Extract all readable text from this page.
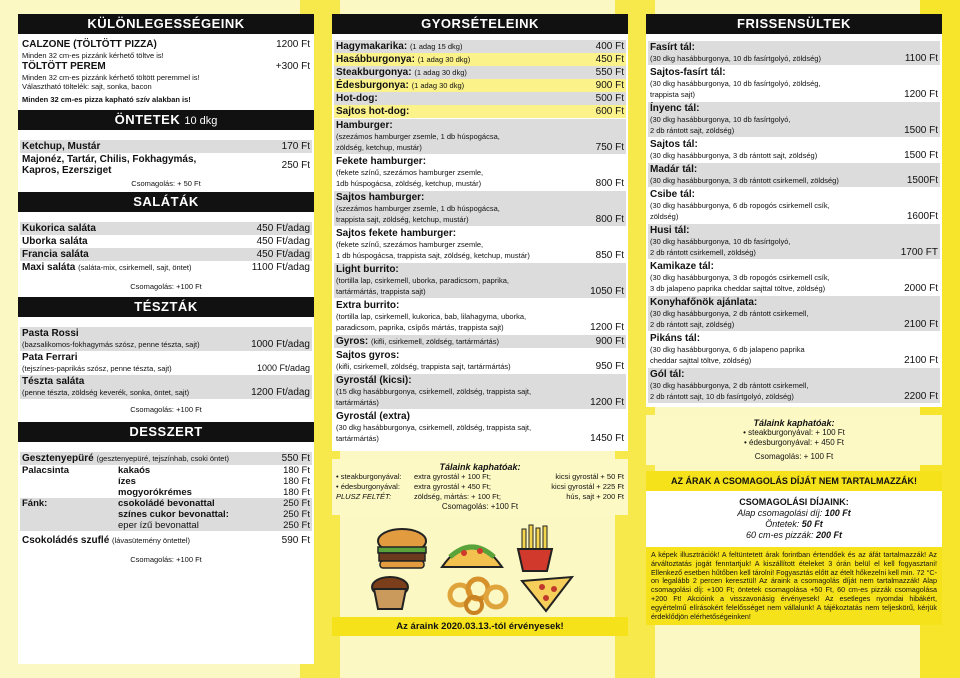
KÜLÖNLEGESSÉGEINK
CALZONE (TÖLTÖTT PIZZA)	1200 Ft
Minden 32 cm-es pizzánk kérhető töltve is!
TÖLTÖTT PEREM	+300 Ft
Minden 32 cm-es pizzánk kérhető töltött peremmel is!
Választható töltelék: sajt, sonka, bacon
Minden 32 cm-es pizza kapható szív alakban is!
ÖNTETEK 10 dkg
Ketchup, Mustár	170 Ft
Majonéz, Tartár, Chilis, Fokhagymás,
Kapros, Ezersziget	250 Ft
Csomagolás: + 50 Ft
SALÁTÁK
Kukorica saláta	450 Ft/adag
Uborka saláta	450 Ft/adag
Francia saláta	450 Ft/adag
Maxi saláta (saláta-mix, csirkemell, sajt, öntet)	1100 Ft/adag
Csomagolás: +100 Ft
TÉSZTÁK
Pasta Rossi
(bazsalikomos-fokhagymás szósz, penne tészta, sajt)	1000 Ft/adag
Pata Ferrari
(tejszínes-paprikás szósz, penne tészta, sajt)	1000 Ft/adag
Tészta saláta
(penne tészta, zöldség keverék, sonka, öntet, sajt)	1200 Ft/adag
Csomagolás: +100 Ft
DESSZERT
Gesztenyepüré (gesztenyepüré, tejszínhab, csoki öntet)	550 Ft
Palacsinta	kakaós	180 Ft
ízes	180 Ft
mogyorókrémes	180 Ft
Fánk:	csokoládé bevonattal	250 Ft
színes cukor bevonattal:	250 Ft
eper ízű bevonattal	250 Ft
Csokoládés szuflé (lávasütemény öntettel)	590 Ft
Csomagolás: +100 Ft
GYORSÉTELEINK
Hagymakarika: (1 adag 15 dkg)	400 Ft
Hasábburgonya: (1 adag 30 dkg)	450 Ft
Steakburgonya: (1 adag 30 dkg)	550 Ft
Édesburgonya: (1 adag 30 dkg)	900 Ft
Hot-dog:	500 Ft
Sajtos hot-dog:	600 Ft
Hamburger:
(szezámos hamburger zsemle, 1 db húspogácsa,
zöldség, ketchup, mustár)	750 Ft
Fekete hamburger:
(fekete színű, szezámos hamburger zsemle,
1db húspogácsa, zöldség, ketchup, mustár)	800 Ft
Sajtos hamburger:
(szezámos hamburger zsemle, 1 db húspogácsa,
trappista sajt, zöldség, ketchup, mustár)	800 Ft
Sajtos fekete hamburger:
(fekete színű, szezámos hamburger zsemle,
1 db húspogácsa, trappista sajt, zöldség, ketchup, mustár)	850 Ft
Light burrito:
(tortilla lap, csirkemell, uborka, paradicsom, paprika,
tartármártás, trappista sajt)	1050 Ft
Extra burrito:
(tortilla lap, csirkemell, kukorica, bab, lilahagyma, uborka,
paradicsom, paprika, csípős mártás, trappista sajt)	1200 Ft
Gyros: (kifli, csirkemell, zöldség, tartármártás)	900 Ft
Sajtos gyros:
(kifli, csirkemell, zöldség, trappista sajt, tartármártás)	950 Ft
Gyrostál (kicsi):
(15 dkg hasábburgonya, csirkemell, zöldség, trappista sajt,
tartármártás)	1200 Ft
Gyrostál (extra)
(30 dkg hasábburgonya, csirkemell, zöldség, trappista sajt,
tartármártás)	1450 Ft
Tálaink kaphatóak:
• steakburgonyával:	extra gyrostál + 100 Ft;	kicsi gyrostál + 50 Ft
• édesburgonyával:	extra gyrostál + 450 Ft;	kicsi gyrostál + 225 Ft
PLUSZ FELTÉT:	zöldség, mártás: + 100 Ft;	hús, sajt + 200 Ft
Csomagolás: +100 Ft
Az áraink 2020.03.13.-tól érvényesek!
FRISSENSÜLTEK
Fasírt tál:
(30 dkg hasábburgonya, 10 db fasírtgolyó, zöldség)	1100 Ft
Sajtos-fasírt tál:
(30 dkg hasábburgonya, 10 db fasírtgolyó, zöldség,
trappista sajt)	1200 Ft
Ínyenc tál:
(30 dkg hasábburgonya, 10 db fasírtgolyó,
2 db rántott sajt, zöldség)	1500 Ft
Sajtos tál:
(30 dkg hasábburgonya, 3 db rántott sajt, zöldség)	1500 Ft
Madár tál:
(30 dkg hasábburgonya, 3 db rántott csirkemell, zöldség)	1500Ft
Csibe tál:
(30 dkg hasábburgonya, 6 db ropogós csirkemell csík,
zöldség)	1600Ft
Husi tál:
(30 dkg hasábburgonya, 10 db fasírtgolyó,
2 db rántott csirkemell, zöldség)	1700 FT
Kamikaze tál:
(30 dkg hasábburgonya, 3 db ropogós csirkemell csík,
3 db jalapeno paprika cheddar sajttal töltve, zöldség)	2000 Ft
Konyhafőnök ajánlata:
(30 dkg hasábburgonya, 2 db rántott csirkemell,
2 db rántott sajt, zöldség)	2100 Ft
Pikáns tál:
(30 dkg hasábburgonya, 6 db jalapeno paprika
cheddar sajttal töltve, zöldség)	2100 Ft
Gól tál:
(30 dkg hasábburgonya, 2 db rántott csirkemell,
2 db rántott sajt, 10 db fasírtgolyó, zöldség)	2200 Ft
Tálaink kaphatóak:
• steakburgonyával: + 100 Ft
• édesburgonyával: + 450 Ft
Csomagolás: + 100 Ft
AZ ÁRAK A CSOMAGOLÁS DÍJÁT NEM TARTALMAZZÁK!
CSOMAGOLÁSI DÍJAINK:
Alap csomagolási díj: 100 Ft
Öntetek: 50 Ft
60 cm-es pizzák: 200 Ft
A képek illusztrációk! A feltüntetett árak forintban értendőek és az áfát tartalmazzák! Az árváltoztatás jogát fenntartjuk! A kiszállított ételeket 3 órán belül el kell fogyasztani! Ellenkező esetben hűtőben kell tárolni! Fogyasztás előtt az ételt hőkezelni kell min. 72 °C-on legalább 2 percen keresztül! Az áraink a csomagolás díját nem tartalmazzák! Alap csomagolási díj: +100 Ft; öntetek csomagolása +50 Ft, 60 cm-es pizzák csomagolása +200 Ft! Akcióink a visszavonásig érvényesek! Az esetleges nyomdai hibákért, egyértelmű elírásokért felelősséget nem vállalunk! A tájékoztatás nem teljeskörű, kérjük érdeklődjön elérhetőségeinken!
